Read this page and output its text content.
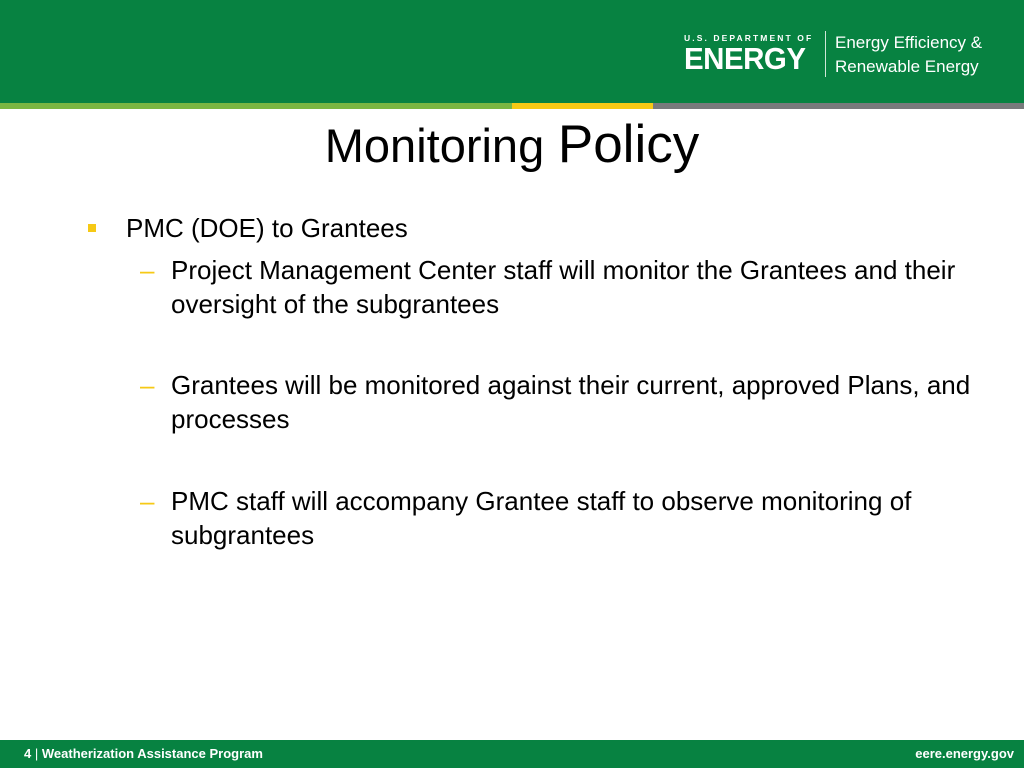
U.S. DEPARTMENT OF
ENERGY Energy Efficiency &
Renewable Energy
Monitoring Policy
PMC (DOE) to Grantees
– Project Management Center staff will monitor the Grantees and their oversight of the subgrantees
– Grantees will be monitored against their current, approved Plans, and processes
– PMC staff will accompany Grantee staff to observe monitoring of subgrantees
4 | Weatherization Assistance Program	eere.energy.gov
